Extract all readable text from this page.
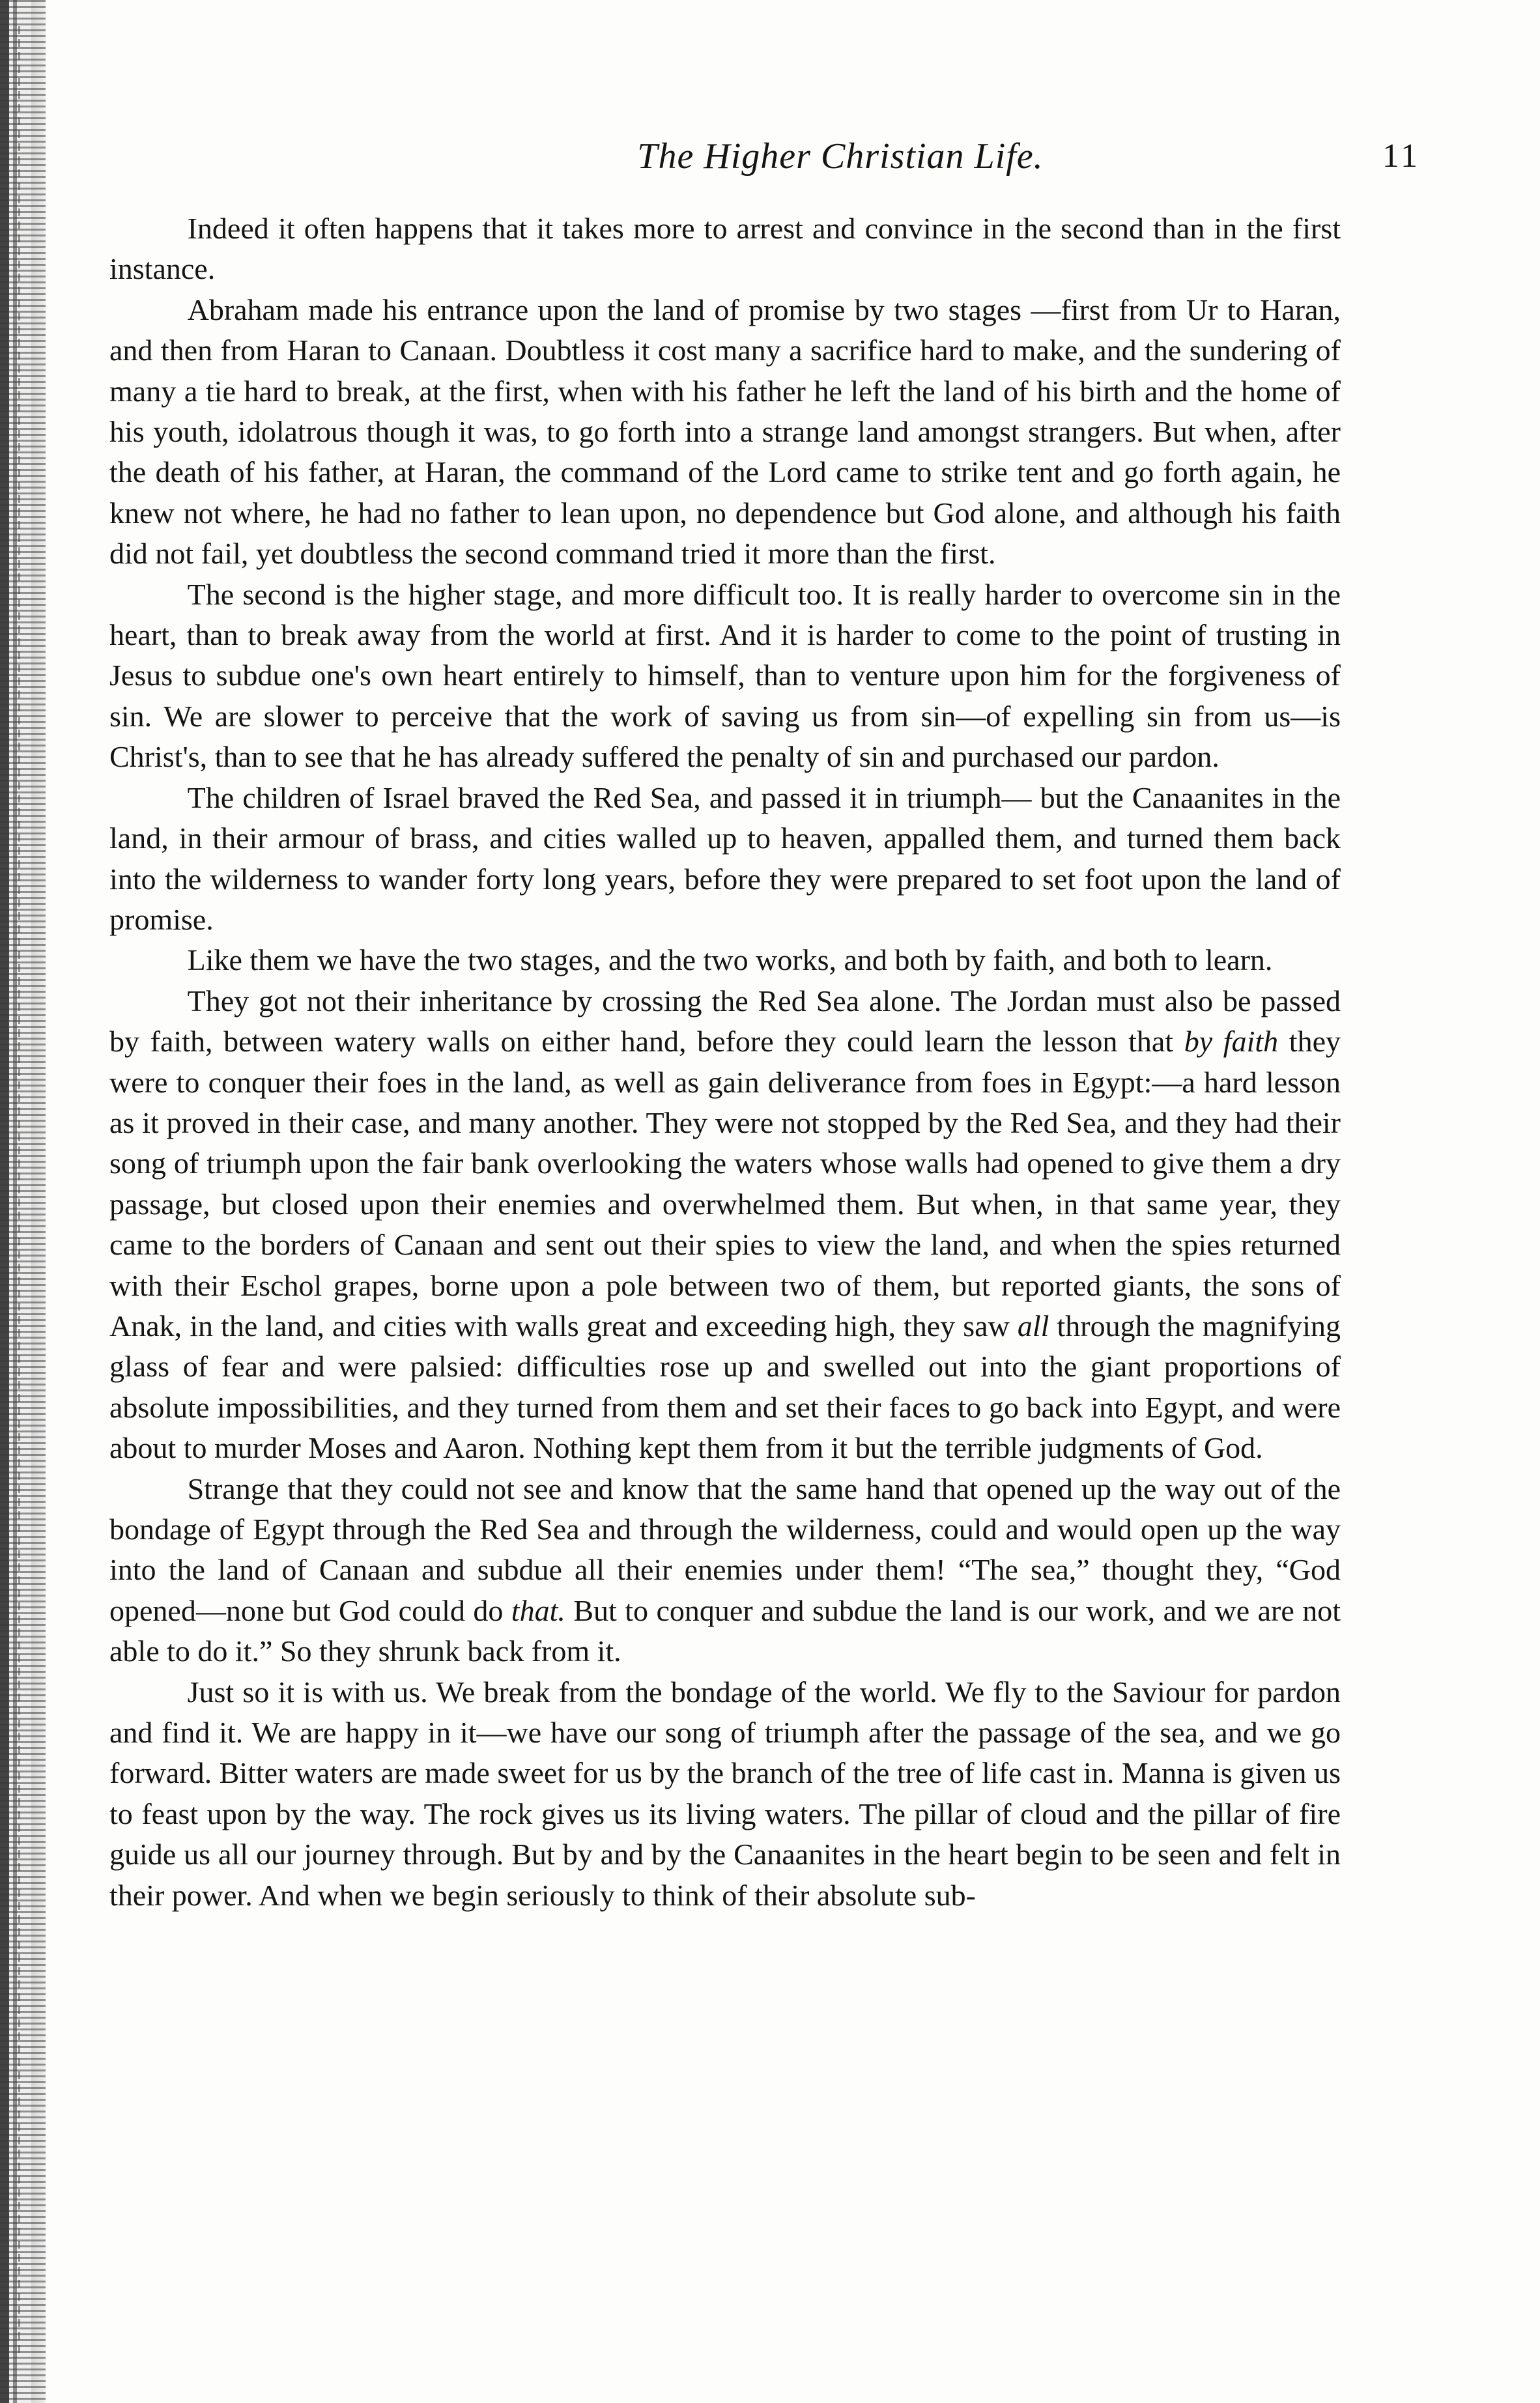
The Higher Christian Life.	11

Indeed it often happens that it takes more to arrest and convince in the second than in the first instance.

Abraham made his entrance upon the land of promise by two stages —first from Ur to Haran, and then from Haran to Canaan. Doubtless it cost many a sacrifice hard to make, and the sundering of many a tie hard to break, at the first, when with his father he left the land of his birth and the home of his youth, idolatrous though it was, to go forth into a strange land amongst strangers. But when, after the death of his father, at Haran, the command of the Lord came to strike tent and go forth again, he knew not where, he had no father to lean upon, no dependence but God alone, and although his faith did not fail, yet doubtless the second command tried it more than the first.

The second is the higher stage, and more difficult too. It is really harder to overcome sin in the heart, than to break away from the world at first. And it is harder to come to the point of trusting in Jesus to subdue one's own heart entirely to himself, than to venture upon him for the forgiveness of sin. We are slower to perceive that the work of saving us from sin—of expelling sin from us—is Christ's, than to see that he has already suffered the penalty of sin and purchased our pardon.

The children of Israel braved the Red Sea, and passed it in triumph— but the Canaanites in the land, in their armour of brass, and cities walled up to heaven, appalled them, and turned them back into the wilderness to wander forty long years, before they were prepared to set foot upon the land of promise.

Like them we have the two stages, and the two works, and both by faith, and both to learn.

They got not their inheritance by crossing the Red Sea alone. The Jordan must also be passed by faith, between watery walls on either hand, before they could learn the lesson that by faith they were to conquer their foes in the land, as well as gain deliverance from foes in Egypt:—a hard lesson as it proved in their case, and many another. They were not stopped by the Red Sea, and they had their song of triumph upon the fair bank overlooking the waters whose walls had opened to give them a dry passage, but closed upon their enemies and overwhelmed them. But when, in that same year, they came to the borders of Canaan and sent out their spies to view the land, and when the spies returned with their Eschol grapes, borne upon a pole between two of them, but reported giants, the sons of Anak, in the land, and cities with walls great and exceeding high, they saw all through the magnifying glass of fear and were palsied: difficulties rose up and swelled out into the giant proportions of absolute impossibilities, and they turned from them and set their faces to go back into Egypt, and were about to murder Moses and Aaron. Nothing kept them from it but the terrible judgments of God.

Strange that they could not see and know that the same hand that opened up the way out of the bondage of Egypt through the Red Sea and through the wilderness, could and would open up the way into the land of Canaan and subdue all their enemies under them! “The sea,” thought they, “God opened—none but God could do that. But to conquer and subdue the land is our work, and we are not able to do it.” So they shrunk back from it.

Just so it is with us. We break from the bondage of the world. We fly to the Saviour for pardon and find it. We are happy in it—we have our song of triumph after the passage of the sea, and we go forward. Bitter waters are made sweet for us by the branch of the tree of life cast in. Manna is given us to feast upon by the way. The rock gives us its living waters. The pillar of cloud and the pillar of fire guide us all our journey through. But by and by the Canaanites in the heart begin to be seen and felt in their power. And when we begin seriously to think of their absolute sub-
